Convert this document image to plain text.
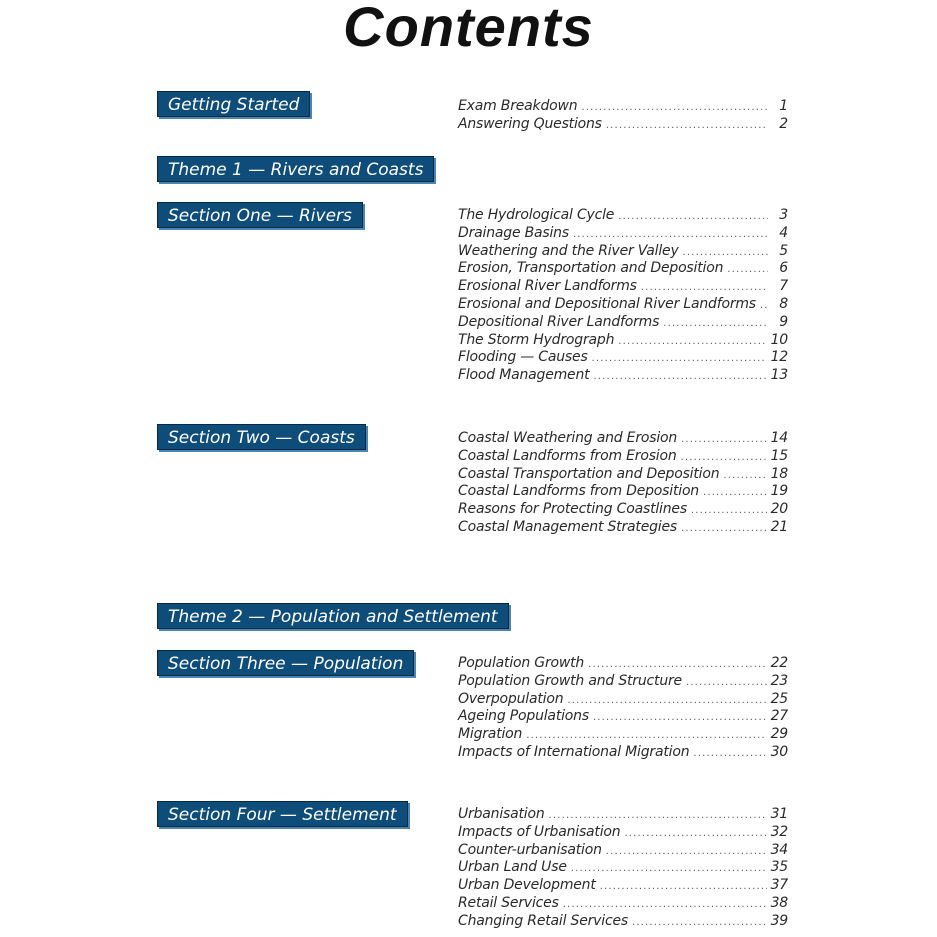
Contents
Getting Started	Exam Breakdown . . .	1
Answering Questions . . .	2
Theme 1 — Rivers and Coasts
Section One — Rivers	The Hydrological Cycle . . .	3
Drainage Basins . . .	4
Weathering and the River Valley . . .	5
Erosion, Transportation and Deposition . . .	6
Erosional River Landforms . . .	7
Erosional and Depositional River Landforms . . .	8
Depositional River Landforms . . .	9
The Storm Hydrograph . . .	10
Flooding — Causes . . .	12
Flood Management . . .	13
Section Two — Coasts	Coastal Weathering and Erosion . . .	14
Coastal Landforms from Erosion . . .	15
Coastal Transportation and Deposition . . .	18
Coastal Landforms from Deposition . . .	19
Reasons for Protecting Coastlines . . .	20
Coastal Management Strategies . . .	21
Theme 2 — Population and Settlement
Section Three — Population	Population Growth . . .	22
Population Growth and Structure . . .	23
Overpopulation . . .	25
Ageing Populations . . .	27
Migration . . .	29
Impacts of International Migration . . .	30
Section Four — Settlement	Urbanisation . . .	31
Impacts of Urbanisation . . .	32
Counter-urbanisation . . .	34
Urban Land Use . . .	35
Urban Development . . .	37
Retail Services . . .	38
Changing Retail Services . . .	39
